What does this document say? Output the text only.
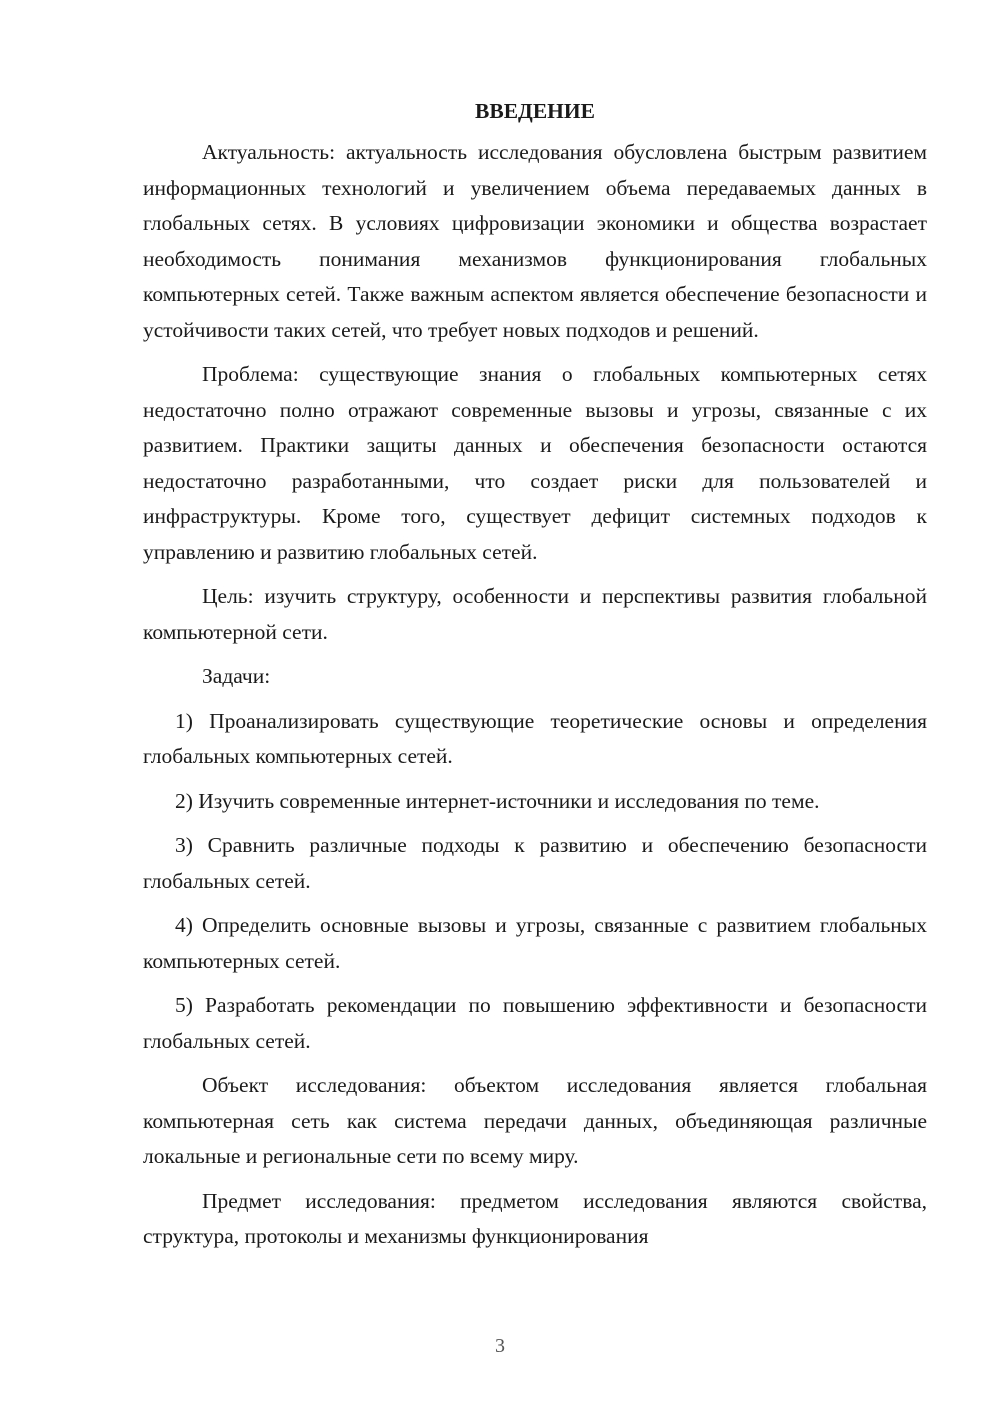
ВВЕДЕНИЕ

Актуальность: актуальность исследования обусловлена быстрым развитием информационных технологий и увеличением объема передаваемых данных в глобальных сетях. В условиях цифровизации экономики и общества возрастает необходимость понимания механизмов функционирования глобальных компьютерных сетей. Также важным аспектом является обеспечение безопасности и устойчивости таких сетей, что требует новых подходов и решений.

Проблема: существующие знания о глобальных компьютерных сетях недостаточно полно отражают современные вызовы и угрозы, связанные с их развитием. Практики защиты данных и обеспечения безопасности остаются недостаточно разработанными, что создает риски для пользователей и инфраструктуры. Кроме того, существует дефицит системных подходов к управлению и развитию глобальных сетей.

Цель: изучить структуру, особенности и перспективы развития глобальной компьютерной сети.

Задачи:

1) Проанализировать существующие теоретические основы и определения глобальных компьютерных сетей.

2) Изучить современные интернет-источники и исследования по теме.

3) Сравнить различные подходы к развитию и обеспечению безопасности глобальных сетей.

4) Определить основные вызовы и угрозы, связанные с развитием глобальных компьютерных сетей.

5) Разработать рекомендации по повышению эффективности и безопасности глобальных сетей.

Объект исследования: объектом исследования является глобальная компьютерная сеть как система передачи данных, объединяющая различные локальные и региональные сети по всему миру.

Предмет исследования: предметом исследования являются свойства, структура, протоколы и механизмы функционирования

3
